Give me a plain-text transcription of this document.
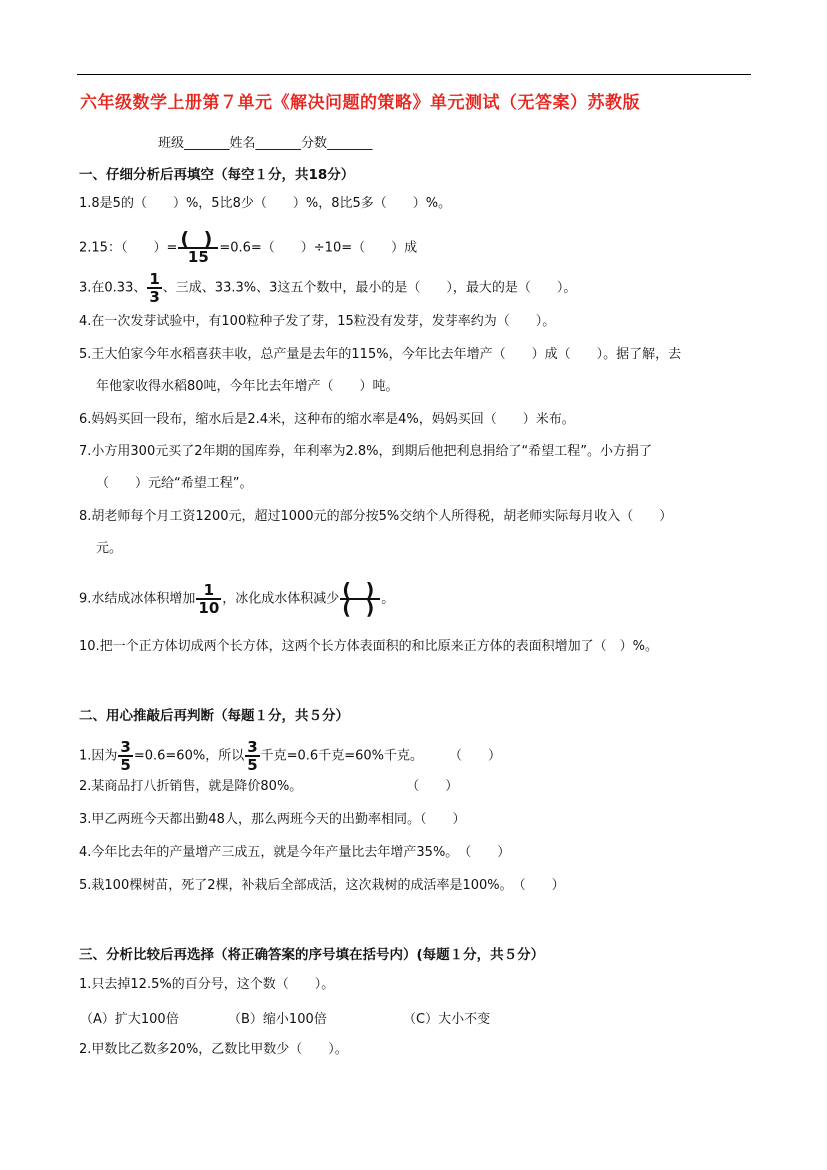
六年级数学上册第７单元《解决问题的策略》单元测试（无答案）苏教版
班级_______姓名_______分数_______
一、仔细分析后再填空（每空１分，共18分）
1.8是5的（　　）%，5比8少（　　）%，8比5多（　　）%。
2.15：（　　）= $\frac{( )}{15} =0.6=$（　　）÷10=（　　）成
3.在0.33、 $\frac{1}{3}$ 、三成、33.3%、3这五个数中，最小的是（　　），最大的是（　　）。
4.在一次发芽试验中，有100粒种子发了芽，15粒没有发芽，发芽率约为（　　）。
5.王大伯家今年水稻喜获丰收，总产量是去年的115%，今年比去年增产（　　）成（　　）。据了解，去
年他家收得水稻80吨，今年比去年增产（　　）吨。
6.妈妈买回一段布，缩水后是2.4米，这种布的缩水率是4%，妈妈买回（　　）米布。
7.小方用300元买了2年期的国库券，年利率为2.8%，到期后他把利息捐给了“希望工程”。小方捐了
（　　）元给“希望工程”。
8.胡老师每个月工资1200元，超过1000元的部分按5%交纳个人所得税，胡老师实际每月收入（　　）
元。
9.水结成冰体积增加 $\frac{1}{10}$ ，冰化成水体积减少 $\frac{( )}{( )}$ 。
10.把一个正方体切成两个长方体，这两个长方体表面积的和比原来正方体的表面积增加了（　）%。
二、用心推敲后再判断（每题１分，共５分）
1.因为 $\frac{3}{5} =0.6=60\%$，所以 $\frac{3}{5}$ 千克=0.6千克=60%千克。　　　（　　）
2.某商品打八折销售，就是降价80%。　　　　　　　　　（　　）
3.甲乙两班今天都出勤48人，那么两班今天的出勤率相同。（　　）
4.今年比去年的产量增产三成五，就是今年产量比去年增产35%。　（　　）
5.栽100棵树苗，死了2棵，补栽后全部成活，这次栽树的成活率是100%。　（　　）
三、分析比较后再选择（将正确答案的序号填在括号内）(每题１分，共５分）
1.只去掉12.5%的百分号，这个数（　　）。
（A）扩大100倍	（B）缩小100倍	（C）大小不变
2.甲数比乙数多20%，乙数比甲数少（　　）。
